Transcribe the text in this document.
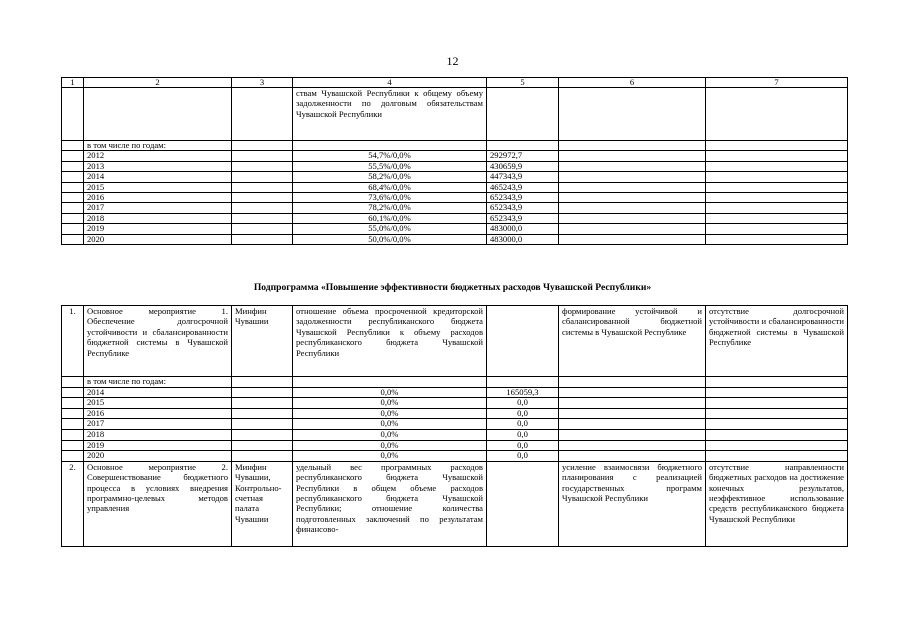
12
1	2	3	4	5	6	7
			ствам Чувашской Республики к общему объему задолженности по долговым обязательствам Чувашской Республики			
	в том числе по годам:					
	2012		54,7%/0,0%	292972,7		
	2013		55,5%/0,0%	430659,9		
	2014		58,2%/0,0%	447343,9		
	2015		68,4%/0,0%	465243,9		
	2016		73,6%/0,0%	652343,9		
	2017		78,2%/0,0%	652343,9		
	2018		60,1%/0,0%	652343,9		
	2019		55,0%/0,0%	483000,0		
	2020		50,0%/0,0%	483000,0		
Подпрограмма «Повышение эффективности бюджетных расходов Чувашской Республики»
1.	Основное мероприятие 1. Обеспечение долгосрочной устойчивости и сбалансированности бюджетной системы в Чувашской Республике	Минфин Чувашии	отношение объема просроченной кредиторской задолженности республиканского бюджета Чувашской Республики к объему расходов республиканского бюджета Чувашской Республики		формирование устойчивой и сбалансированной бюджетной системы в Чувашской Республике	отсутствие долгосрочной устойчивости и сбалансированности бюджетной системы в Чувашской Республике
	в том числе по годам:					
	2014		0,0%	165059,3		
	2015		0,0%	0,0		
	2016		0,0%	0,0		
	2017		0,0%	0,0		
	2018		0,0%	0,0		
	2019		0,0%	0,0		
	2020		0,0%	0,0		
2.	Основное мероприятие 2. Совершенствование бюджетного процесса в условиях внедрения программно-целевых методов управления	Минфин Чувашии, Контрольно-счетная палата Чувашии	удельный вес программных расходов республиканского бюджета Чувашской Республики в общем объеме расходов республиканского бюджета Чувашской Республики; отношение количества подготовленных заключений по результатам финансово-		усиление взаимосвязи бюджетного планирования с реализацией государственных программ Чувашской Республики	отсутствие направленности бюджетных расходов на достижение конечных результатов, неэффективное использование средств республиканского бюджета Чувашской Республики
